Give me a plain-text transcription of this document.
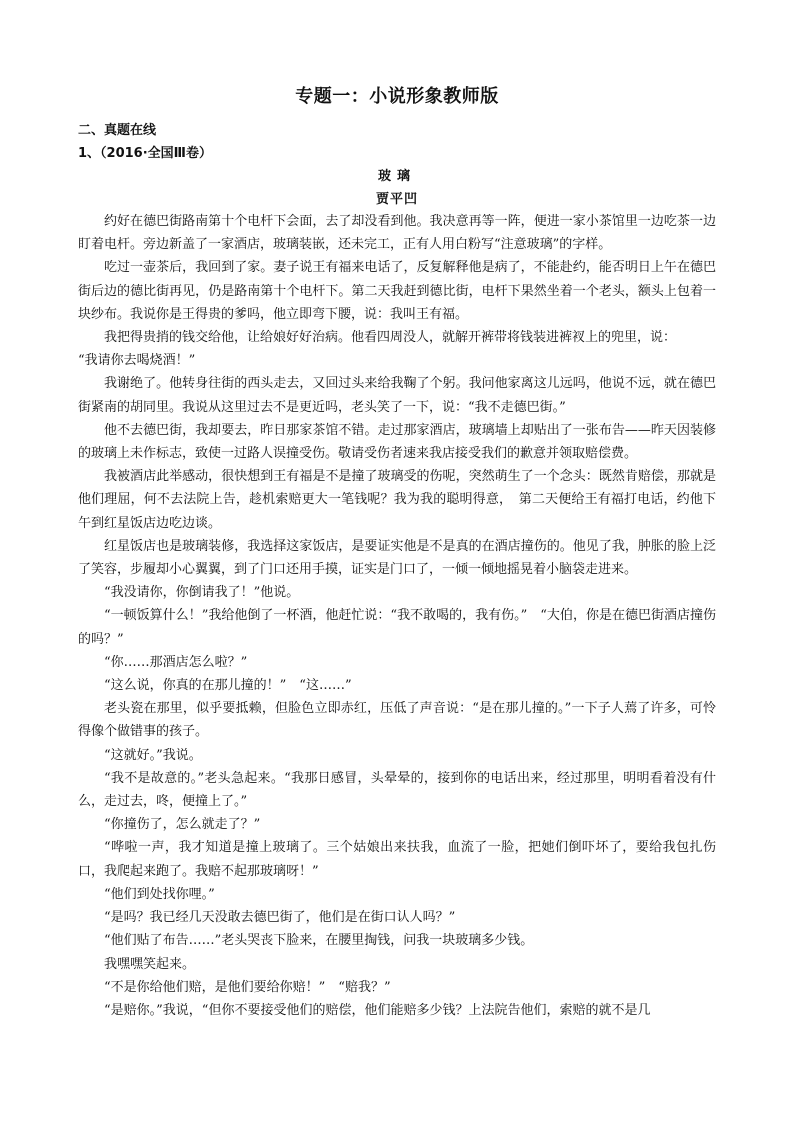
专题一：小说形象教师版
二、真题在线
1、（2016·全国Ⅲ卷）
玻璃
贾平凹

约好在德巴街路南第十个电杆下会面，去了却没看到他。我决意再等一阵，便进一家小茶馆里一边吃茶一边盯着电杆。旁边新盖了一家酒店，玻璃装嵌，还未完工，正有人用白粉写“注意玻璃”的字样。

吃过一壶茶后，我回到了家。妻子说王有福来电话了，反复解释他是病了，不能赴约，能否明日上午在德巴街后边的德比街再见，仍是路南第十个电杆下。第二天我赶到德比街，电杆下果然坐着一个老头，额头上包着一块纱布。我说你是王得贵的爹吗，他立即弯下腰，说：我叫王有福。

我把得贵捎的钱交给他，让给娘好好治病。他看四周没人，就解开裤带将钱装进裤衩上的兜里，说：

“我请你去喝烧酒！”

我谢绝了。他转身往街的西头走去，又回过头来给我鞠了个躬。我问他家离这儿远吗，他说不远，就在德巴街紧南的胡同里。我说从这里过去不是更近吗，老头笑了一下，说：“我不走德巴街。”

他不去德巴街，我却要去，昨日那家茶馆不错。走过那家酒店，玻璃墙上却贴出了一张布告——昨天因装修的玻璃上未作标志，致使一过路人误撞受伤。敬请受伤者速来我店接受我们的歉意并领取赔偿费。

我被酒店此举感动，很快想到王有福是不是撞了玻璃受的伤呢，突然萌生了一个念头：既然肯赔偿，那就是他们理屈，何不去法院上告，趁机索赔更大一笔钱呢？我为我的聪明得意，　第二天便给王有福打电话，约他下午到红星饭店边吃边谈。

红星饭店也是玻璃装修，我选择这家饭店，是要证实他是不是真的在酒店撞伤的。他见了我，肿胀的脸上泛了笑容，步履却小心翼翼，到了门口还用手摸，证实是门口了，一倾一倾地摇晃着小脑袋走进来。

“我没请你，你倒请我了！”他说。

“一顿饭算什么！”我给他倒了一杯酒，他赶忙说：“我不敢喝的，我有伤。”　“大伯，你是在德巴街酒店撞伤的吗？”

“你……那酒店怎么啦？”

“这么说，你真的在那儿撞的！”　“这……”

老头瓷在那里，似乎要抵赖，但脸色立即赤红，压低了声音说：“是在那儿撞的。”一下子人蔫了许多，可怜得像个做错事的孩子。

“这就好。”我说。

“我不是故意的。”老头急起来。“我那日感冒，头晕晕的，接到你的电话出来，经过那里，明明看着没有什么，走过去，咚，便撞上了。”

“你撞伤了，怎么就走了？”

“哗啦一声，我才知道是撞上玻璃了。三个姑娘出来扶我，血流了一脸，把她们倒吓坏了，要给我包扎伤口，我爬起来跑了。我赔不起那玻璃呀！”

“他们到处找你哩。”

“是吗？我已经几天没敢去德巴街了，他们是在街口认人吗？”

“他们贴了布告……”老头哭丧下脸来，在腰里掏钱，问我一块玻璃多少钱。

我嘿嘿笑起来。

“不是你给他们赔，是他们要给你赔！”　“赔我？”

“是赔你。”我说，“但你不要接受他们的赔偿，他们能赔多少钱？上法院告他们，索赔的就不是几
